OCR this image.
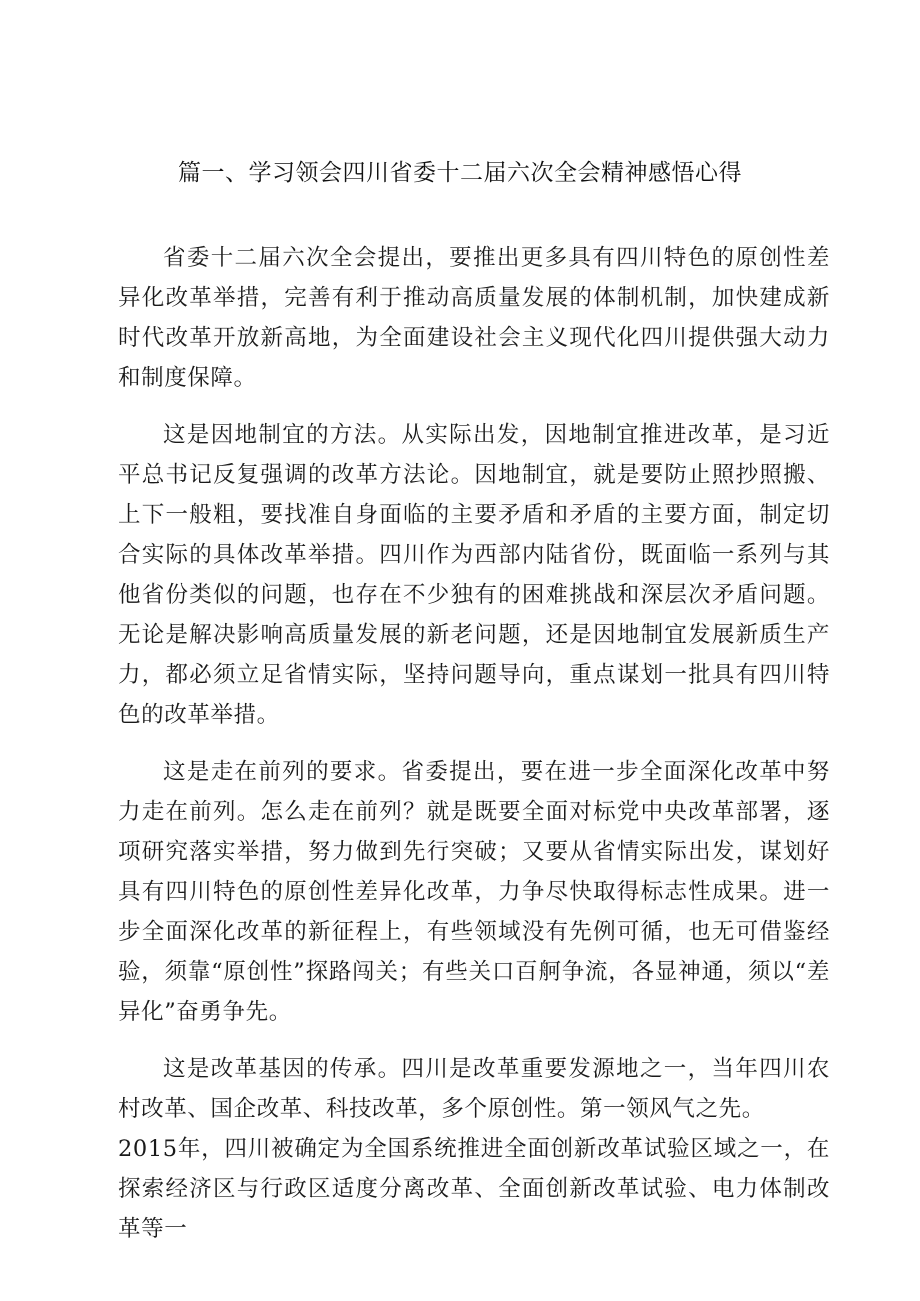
篇一、学习领会四川省委十二届六次全会精神感悟心得

省委十二届六次全会提出，要推出更多具有四川特色的原创性差异化改革举措，完善有利于推动高质量发展的体制机制，加快建成新时代改革开放新高地，为全面建设社会主义现代化四川提供强大动力和制度保障。

这是因地制宜的方法。从实际出发，因地制宜推进改革，是习近平总书记反复强调的改革方法论。因地制宜，就是要防止照抄照搬、上下一般粗，要找准自身面临的主要矛盾和矛盾的主要方面，制定切合实际的具体改革举措。四川作为西部内陆省份，既面临一系列与其他省份类似的问题，也存在不少独有的困难挑战和深层次矛盾问题。无论是解决影响高质量发展的新老问题，还是因地制宜发展新质生产力，都必须立足省情实际，坚持问题导向，重点谋划一批具有四川特色的改革举措。

这是走在前列的要求。省委提出，要在进一步全面深化改革中努力走在前列。怎么走在前列？就是既要全面对标党中央改革部署，逐项研究落实举措，努力做到先行突破；又要从省情实际出发，谋划好具有四川特色的原创性差异化改革，力争尽快取得标志性成果。进一步全面深化改革的新征程上，有些领域没有先例可循，也无可借鉴经验，须靠“原创性”探路闯关；有些关口百舸争流，各显神通，须以“差异化”奋勇争先。

这是改革基因的传承。四川是改革重要发源地之一，当年四川农村改革、国企改革、科技改革，多个原创性。第一领风气之先。

2015年，四川被确定为全国系统推进全面创新改革试验区域之一，在探索经济区与行政区适度分离改革、全面创新改革试验、电力体制改革等一
